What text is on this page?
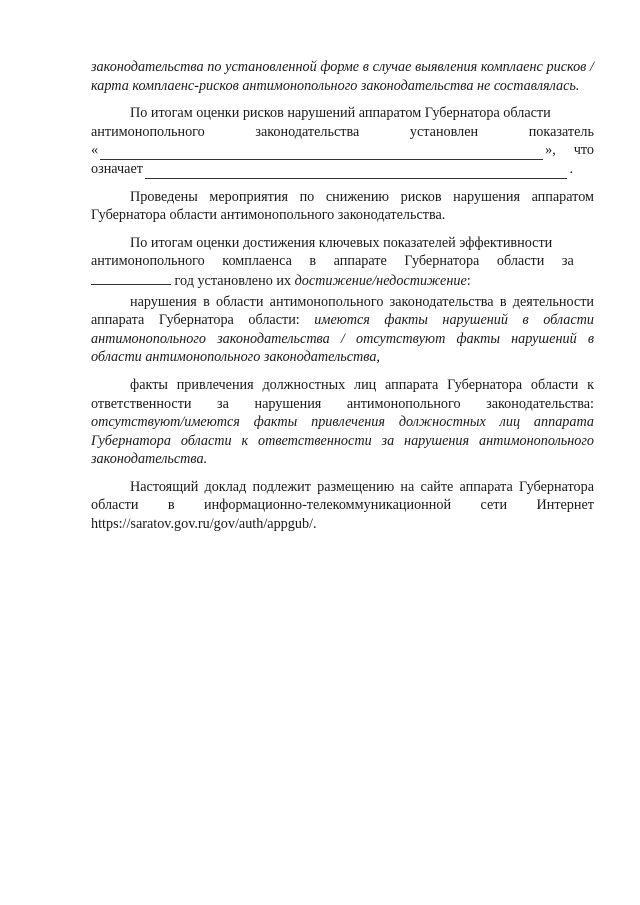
законодательства по установленной форме в случае выявления комплаенс рисков / карта комплаенс-рисков антимонопольного законодательства не составлялась.

По итогам оценки рисков нарушений аппаратом Губернатора области

антимонопольного	законодательства	установлен	показатель
«	», что
означает	.

Проведены мероприятия по снижению рисков нарушения аппаратом Губернатора области антимонопольного законодательства.

По итогам оценки достижения ключевых показателей эффективности

антимонопольного комплаенса в аппарате Губернатора области за

год установлено их достижение/недостижение:

нарушения в области антимонопольного законодательства в деятельности аппарата Губернатора области: имеются факты нарушений в области антимонопольного законодательства / отсутствуют факты нарушений в области антимонопольного законодательства,

факты привлечения должностных лиц аппарата Губернатора области к ответственности за нарушения антимонопольного законодательства: отсутствуют/имеются факты привлечения должностных лиц аппарата Губернатора области к ответственности за нарушения антимонопольного законодательства.

Настоящий доклад подлежит размещению на сайте аппарата Губернатора области в информационно-телекоммуникационной сети Интернет https://saratov.gov.ru/gov/auth/appgub/.
